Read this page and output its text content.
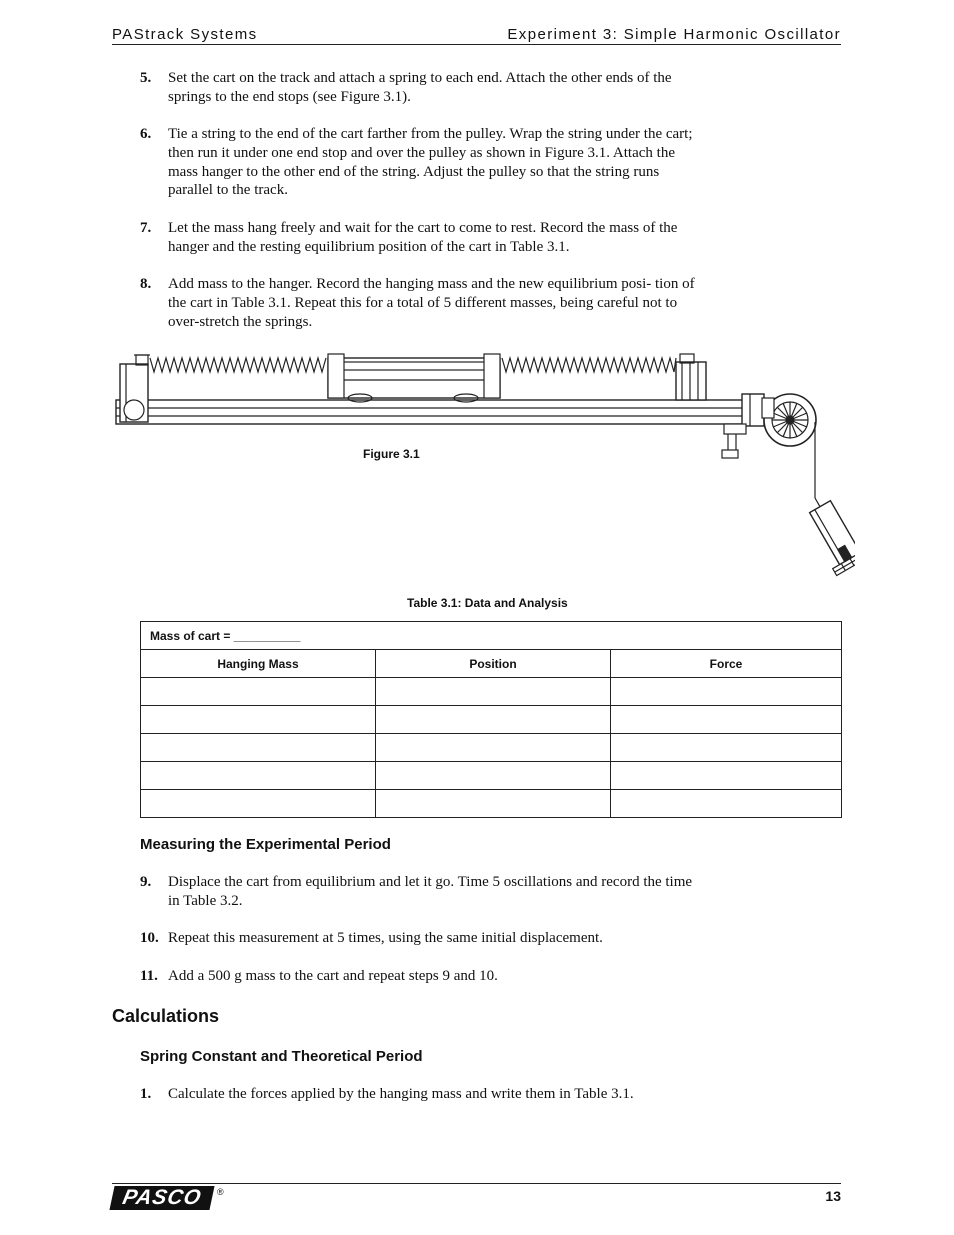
PAStrack Systems	Experiment 3: Simple Harmonic Oscillator
5. Set the cart on the track and attach a spring to each end. Attach the other ends of the springs to the end stops (see Figure 3.1).
6. Tie a string to the end of the cart farther from the pulley. Wrap the string under the cart; then run it under one end stop and over the pulley as shown in Figure 3.1. Attach the mass hanger to the other end of the string. Adjust the pulley so that the string runs parallel to the track.
7. Let the mass hang freely and wait for the cart to come to rest. Record the mass of the hanger and the resting equilibrium position of the cart in Table 3.1.
8. Add mass to the hanger. Record the hanging mass and the new equilibrium posi- tion of the cart in Table 3.1. Repeat this for a total of 5 different masses, being careful not to over-stretch the springs.
Figure 3.1
Table 3.1: Data and Analysis
Mass of cart = __________		
Hanging Mass	Position	Force

Measuring the Experimental Period
9. Displace the cart from equilibrium and let it go. Time 5 oscillations and record the time in Table 3.2.
10. Repeat this measurement at 5 times, using the same initial displacement.
11. Add a 500 g mass to the cart and repeat steps 9 and 10.
Calculations
Spring Constant and Theoretical Period
1. Calculate the forces applied by the hanging mass and write them in Table 3.1.
PASCO	®	13
